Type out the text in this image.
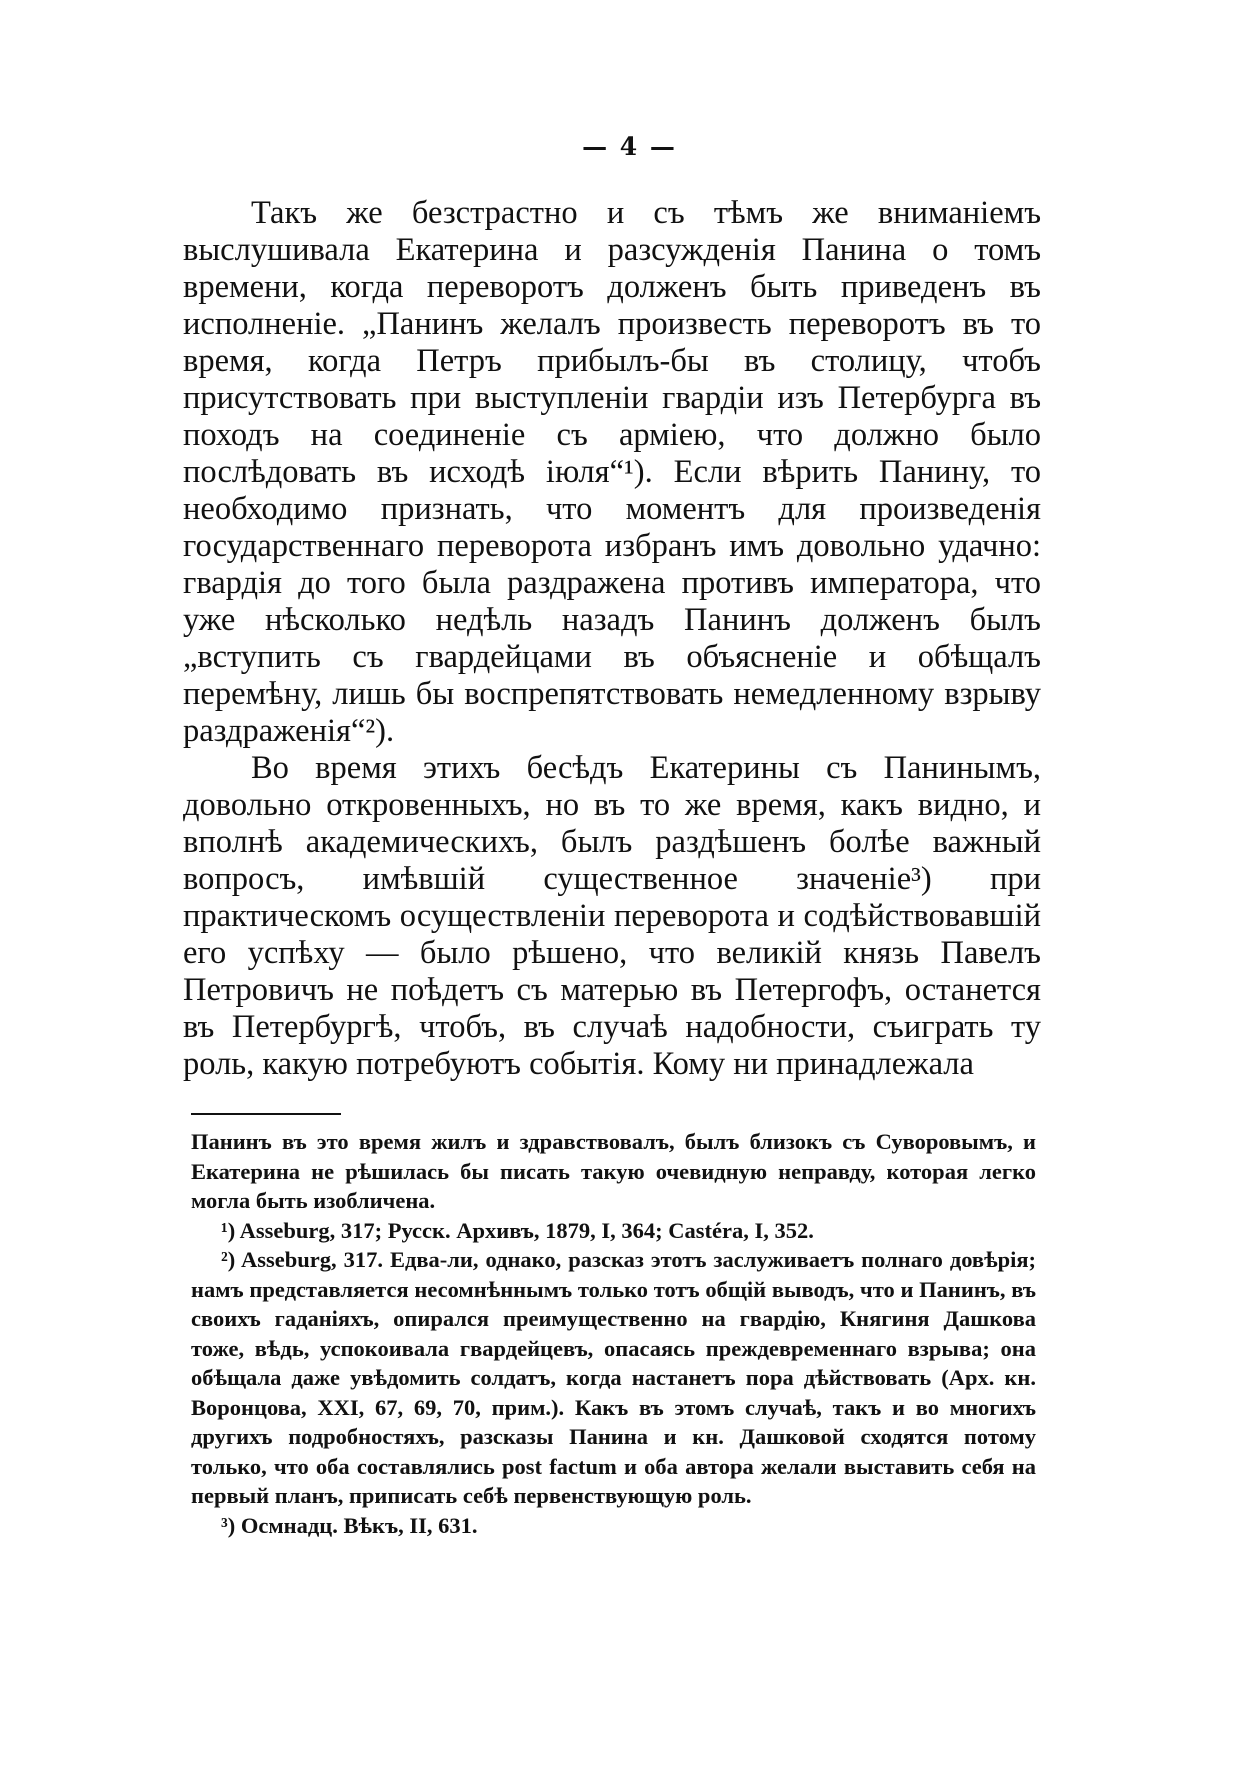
— 4 —

Такъ же безстрастно и съ тѣмъ же вниманіемъ выслушивала Екатерина и разсужденія Панина о томъ времени, когда переворотъ долженъ быть приведенъ въ исполненіе. „Панинъ желалъ произвесть переворотъ въ то время, когда Петръ прибылъ-бы въ столицу, чтобъ присутствовать при выступленіи гвардіи изъ Петербурга въ походъ на соединеніе съ арміею, что должно было послѣдовать въ исходѣ іюля“¹). Если вѣрить Панину, то необходимо признать, что моментъ для произведенія государственнаго переворота избранъ имъ довольно удачно: гвардія до того была раздражена противъ императора, что уже нѣсколько недѣль назадъ Панинъ долженъ былъ „вступить съ гвардейцами въ объясненіе и обѣщалъ перемѣну, лишь бы воспрепятствовать немедленному взрыву раздраженія“²).

Во время этихъ бесѣдъ Екатерины съ Панинымъ, довольно откровенныхъ, но въ то же время, какъ видно, и вполнѣ академическихъ, былъ раздѣшенъ болѣе важный вопросъ, имѣвшій существенное значеніе³) при практическомъ осуществленіи переворота и содѣйствовавшій его успѣху — было рѣшено, что великій князь Павелъ Петровичъ не поѣдетъ съ матерью въ Петергофъ, останется въ Петербургѣ, чтобъ, въ случаѣ надобности, съиграть ту роль, какую потребуютъ событія. Кому ни принадлежала

Панинъ въ это время жилъ и здравствовалъ, былъ близокъ съ Суворовымъ, и Екатерина не рѣшилась бы писать такую очевидную неправду, которая легко могла быть изобличена.

¹) Asseburg, 317; Русск. Архивъ, 1879, I, 364; Castéra, I, 352.

²) Asseburg, 317. Едва-ли, однако, разсказ этотъ заслуживаетъ полнаго довѣрія; намъ представляется несомнѣннымъ только тотъ общій выводъ, что и Панинъ, въ своихъ гаданіяхъ, опирался преимущественно на гвардію, Княгиня Дашкова тоже, вѣдь, успокоивала гвардейцевъ, опасаясь преждевременнаго взрыва; она обѣщала даже увѣдомить солдатъ, когда настанетъ пора дѣйствовать (Арх. кн. Воронцова, XXI, 67, 69, 70, прим.). Какъ въ этомъ случаѣ, такъ и во многихъ другихъ подробностяхъ, разсказы Панина и кн. Дашковой сходятся потому только, что оба составлялись post factum и оба автора желали выставить себя на первый планъ, приписать себѣ первенствующую роль.

³) Осмнадц. Вѣкъ, II, 631.
